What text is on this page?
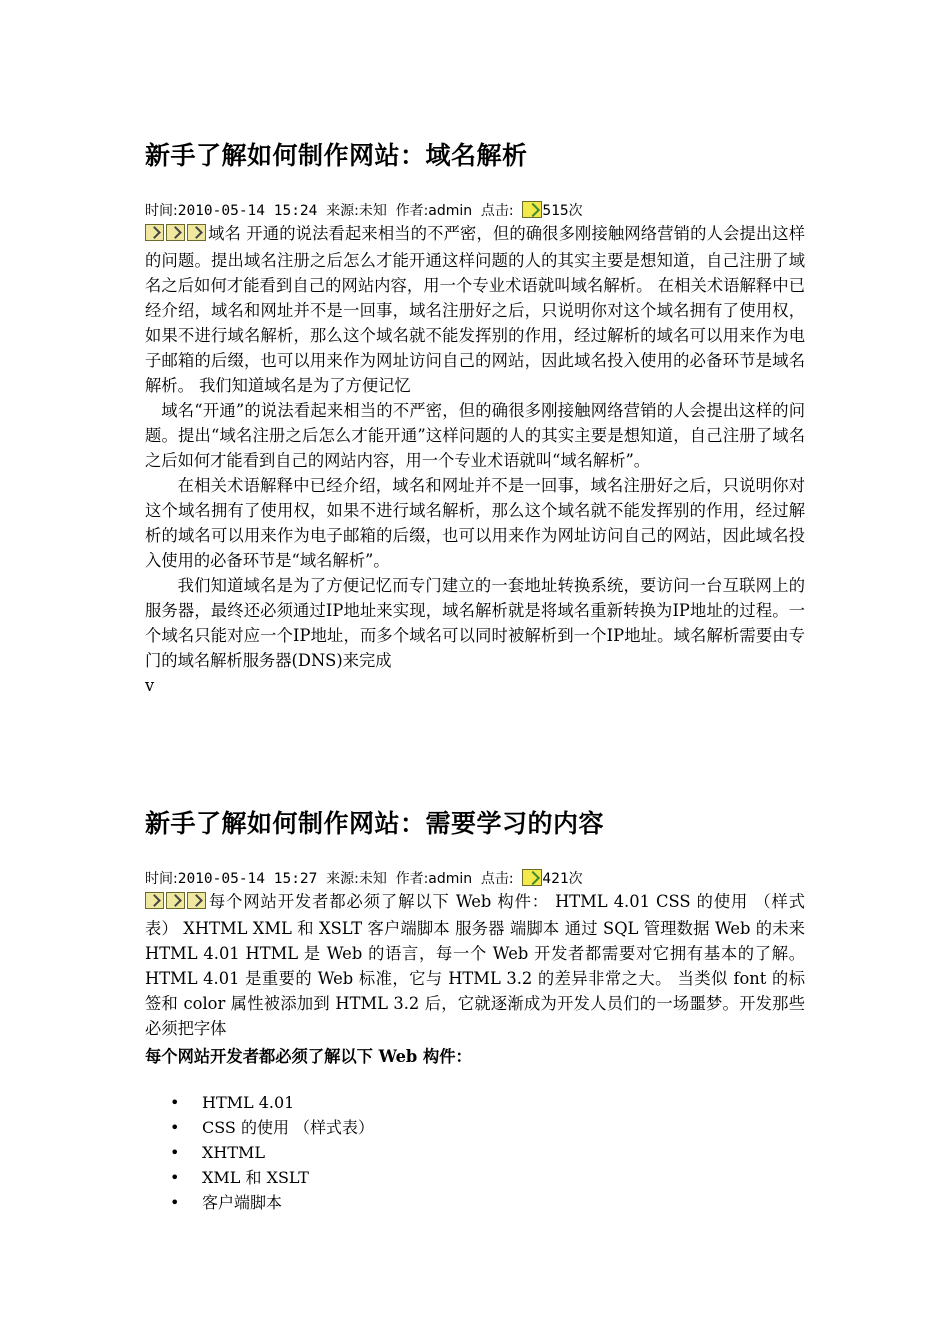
新手了解如何制作网站：域名解析
时间:2010-05-14 15:24 来源:未知 作者:admin 点击: 515次

域名 开通的说法看起来相当的不严密，但的确很多刚接触网络营销的人会提出这样的问题。提出域名注册之后怎么才能开通这样问题的人的其实主要是想知道，自己注册了域名之后如何才能看到自己的网站内容，用一个专业术语就叫域名解析。 在相关术语解释中已经介绍，域名和网址并不是一回事，域名注册好之后，只说明你对这个域名拥有了使用权，如果不进行域名解析，那么这个域名就不能发挥别的作用，经过解析的域名可以用来作为电子邮箱的后缀，也可以用来作为网址访问自己的网站，因此域名投入使用的必备环节是域名解析。 我们知道域名是为了方便记忆

域名“开通”的说法看起来相当的不严密，但的确很多刚接触网络营销的人会提出这样的问题。提出“域名注册之后怎么才能开通”这样问题的人的其实主要是想知道，自己注册了域名之后如何才能看到自己的网站内容，用一个专业术语就叫“域名解析”。

在相关术语解释中已经介绍，域名和网址并不是一回事，域名注册好之后，只说明你对这个域名拥有了使用权，如果不进行域名解析，那么这个域名就不能发挥别的作用，经过解析的域名可以用来作为电子邮箱的后缀，也可以用来作为网址访问自己的网站，因此域名投入使用的必备环节是“域名解析”。

我们知道域名是为了方便记忆而专门建立的一套地址转换系统，要访问一台互联网上的服务器，最终还必须通过IP地址来实现，域名解析就是将域名重新转换为IP地址的过程。一个域名只能对应一个IP地址，而多个域名可以同时被解析到一个IP地址。域名解析需要由专门的域名解析服务器(DNS)来完成

v

新手了解如何制作网站：需要学习的内容
时间:2010-05-14 15:27 来源:未知 作者:admin 点击: 421次

每个网站开发者都必须了解以下 Web 构件： HTML 4.01 CSS 的使用 （样式表） XHTML XML 和 XSLT 客户端脚本 服务器 端脚本 通过 SQL 管理数据 Web 的未来 HTML 4.01 HTML 是 Web 的语言，每一个 Web 开发者都需要对它拥有基本的了解。 HTML 4.01 是重要的 Web 标准，它与 HTML 3.2 的差异非常之大。 当类似 font 的标签和 color 属性被添加到 HTML 3.2 后，它就逐渐成为开发人员们的一场噩梦。开发那些必须把字体

每个网站开发者都必须了解以下 Web 构件：
• HTML 4.01
• CSS 的使用 （样式表）
• XHTML
• XML 和 XSLT
• 客户端脚本
